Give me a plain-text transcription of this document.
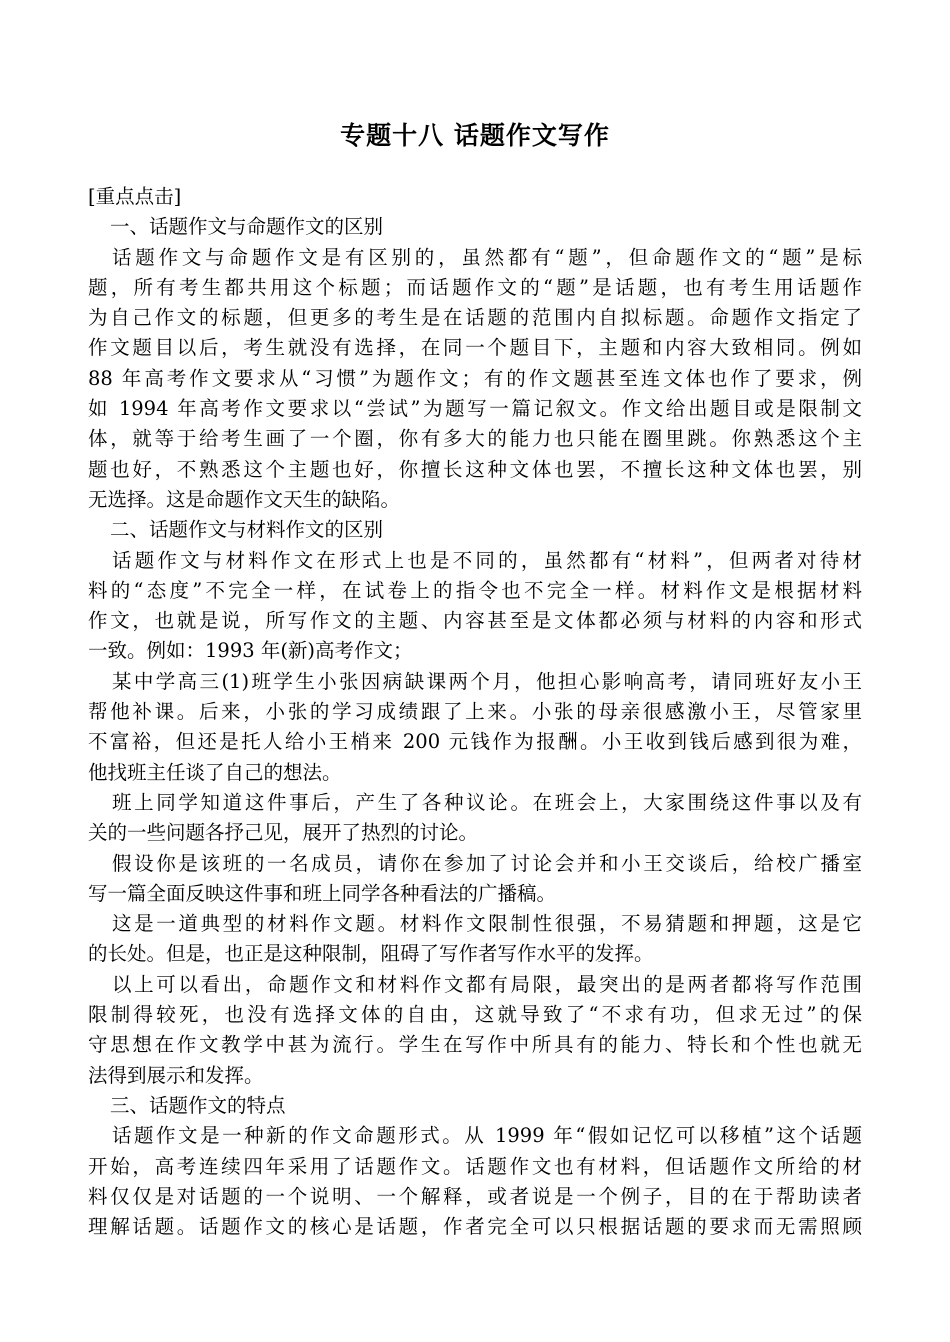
专题十八 话题作文写作

[重点点击]

一、话题作文与命题作文的区别

话题作文与命题作文是有区别的，虽然都有“题”，但命题作文的“题”是标

题，所有考生都共用这个标题；而话题作文的“题”是话题，也有考生用话题作

为自己作文的标题，但更多的考生是在话题的范围内自拟标题。命题作文指定了

作文题目以后，考生就没有选择，在同一个题目下，主题和内容大致相同。例如

88 年高考作文要求从“习惯”为题作文；有的作文题甚至连文体也作了要求，例

如 1994 年高考作文要求以“尝试”为题写一篇记叙文。作文给出题目或是限制文

体，就等于给考生画了一个圈，你有多大的能力也只能在圈里跳。你熟悉这个主

题也好，不熟悉这个主题也好，你擅长这种文体也罢，不擅长这种文体也罢，别

无选择。这是命题作文天生的缺陷。

二、话题作文与材料作文的区别

话题作文与材料作文在形式上也是不同的，虽然都有“材料”，但两者对待材

料的“态度”不完全一样，在试卷上的指令也不完全一样。材料作文是根据材料

作文，也就是说，所写作文的主题、内容甚至是文体都必须与材料的内容和形式

一致。例如：1993 年(新)高考作文；

某中学高三(1)班学生小张因病缺课两个月，他担心影响高考，请同班好友小王

帮他补课。后来，小张的学习成绩跟了上来。小张的母亲很感激小王，尽管家里

不富裕，但还是托人给小王梢来 200 元钱作为报酬。小王收到钱后感到很为难，

他找班主任谈了自己的想法。

班上同学知道这件事后，产生了各种议论。在班会上，大家围绕这件事以及有

关的一些问题各抒己见，展开了热烈的讨论。

假设你是该班的一名成员，请你在参加了讨论会并和小王交谈后，给校广播室

写一篇全面反映这件事和班上同学各种看法的广播稿。

这是一道典型的材料作文题。材料作文限制性很强，不易猜题和押题，这是它

的长处。但是，也正是这种限制，阻碍了写作者写作水平的发挥。

以上可以看出，命题作文和材料作文都有局限，最突出的是两者都将写作范围

限制得较死，也没有选择文体的自由，这就导致了“不求有功，但求无过”的保

守思想在作文教学中甚为流行。学生在写作中所具有的能力、特长和个性也就无

法得到展示和发挥。

三、话题作文的特点

话题作文是一种新的作文命题形式。从 1999 年“假如记忆可以移植”这个话题

开始，高考连续四年采用了话题作文。话题作文也有材料，但话题作文所给的材

料仅仅是对话题的一个说明、一个解释，或者说是一个例子，目的在于帮助读者

理解话题。话题作文的核心是话题，作者完全可以只根据话题的要求而无需照顾
